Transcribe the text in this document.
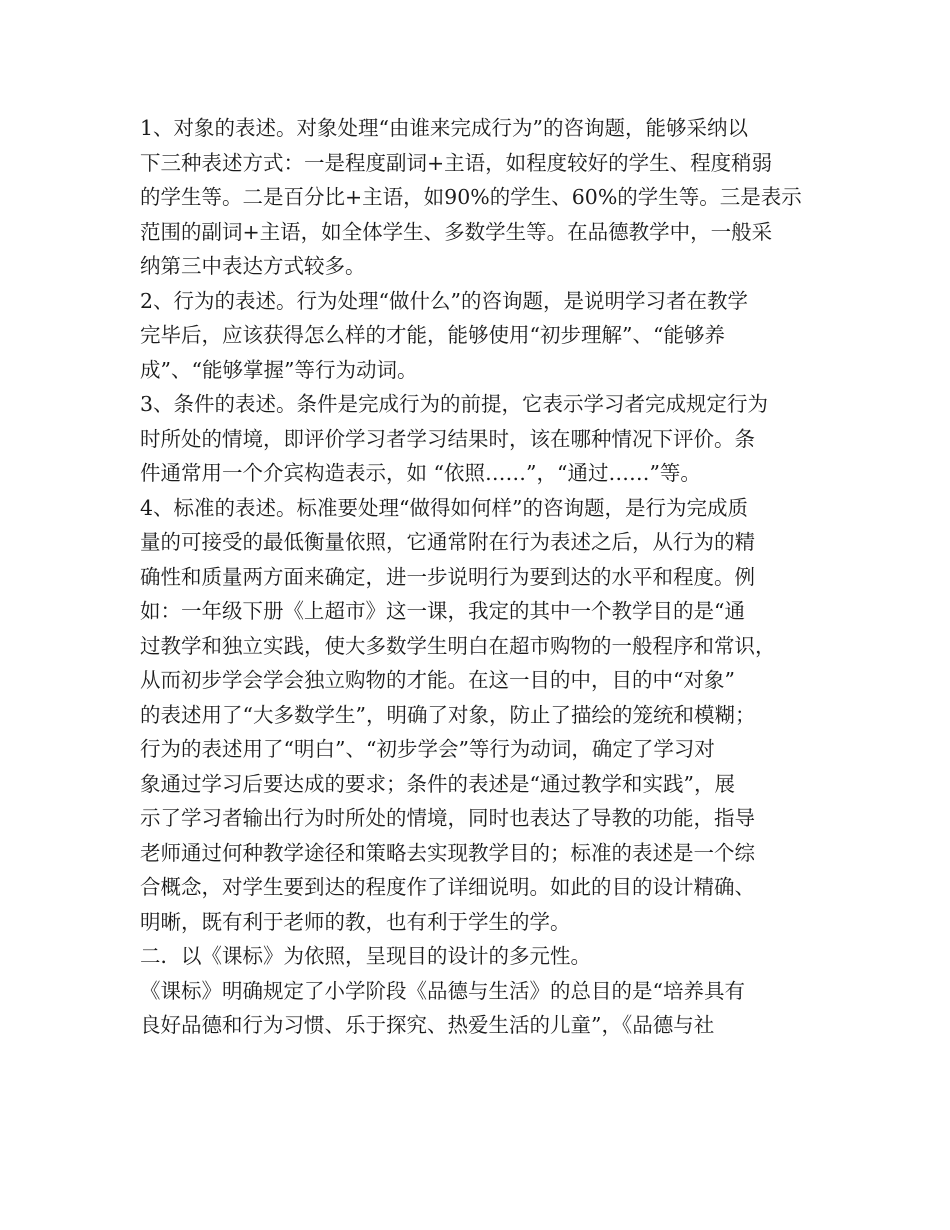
1、对象的表述。对象处理“由谁来完成行为”的咨询题，能够采纳以
下三种表述方式：一是程度副词+主语，如程度较好的学生、程度稍弱
的学生等。二是百分比+主语，如90%的学生、60%的学生等。三是表示
范围的副词+主语，如全体学生、多数学生等。在品德教学中，一般采
纳第三中表达方式较多。
2、行为的表述。行为处理“做什么”的咨询题，是说明学习者在教学
完毕后，应该获得怎么样的才能，能够使用“初步理解”、“能够养
成”、“能够掌握”等行为动词。
3、条件的表述。条件是完成行为的前提，它表示学习者完成规定行为
时所处的情境，即评价学习者学习结果时，该在哪种情况下评价。条
件通常用一个介宾构造表示，如 “依照……”，“通过……”等。
4、标准的表述。标准要处理“做得如何样”的咨询题，是行为完成质
量的可接受的最低衡量依照，它通常附在行为表述之后，从行为的精
确性和质量两方面来确定，进一步说明行为要到达的水平和程度。例
如：一年级下册《上超市》这一课，我定的其中一个教学目的是“通
过教学和独立实践，使大多数学生明白在超市购物的一般程序和常识，
从而初步学会学会独立购物的才能。在这一目的中，目的中“对象”
的表述用了“大多数学生”，明确了对象，防止了描绘的笼统和模糊；
行为的表述用了“明白”、“初步学会”等行为动词，确定了学习对
象通过学习后要达成的要求；条件的表述是“通过教学和实践”，展
示了学习者输出行为时所处的情境，同时也表达了导教的功能，指导
老师通过何种教学途径和策略去实现教学目的；标准的表述是一个综
合概念，对学生要到达的程度作了详细说明。如此的目的设计精确、
明晰，既有利于老师的教，也有利于学生的学。
二．以《课标》为依照，呈现目的设计的多元性。
《课标》明确规定了小学阶段《品德与生活》的总目的是“培养具有
良好品德和行为习惯、乐于探究、热爱生活的儿童”，《品德与社
